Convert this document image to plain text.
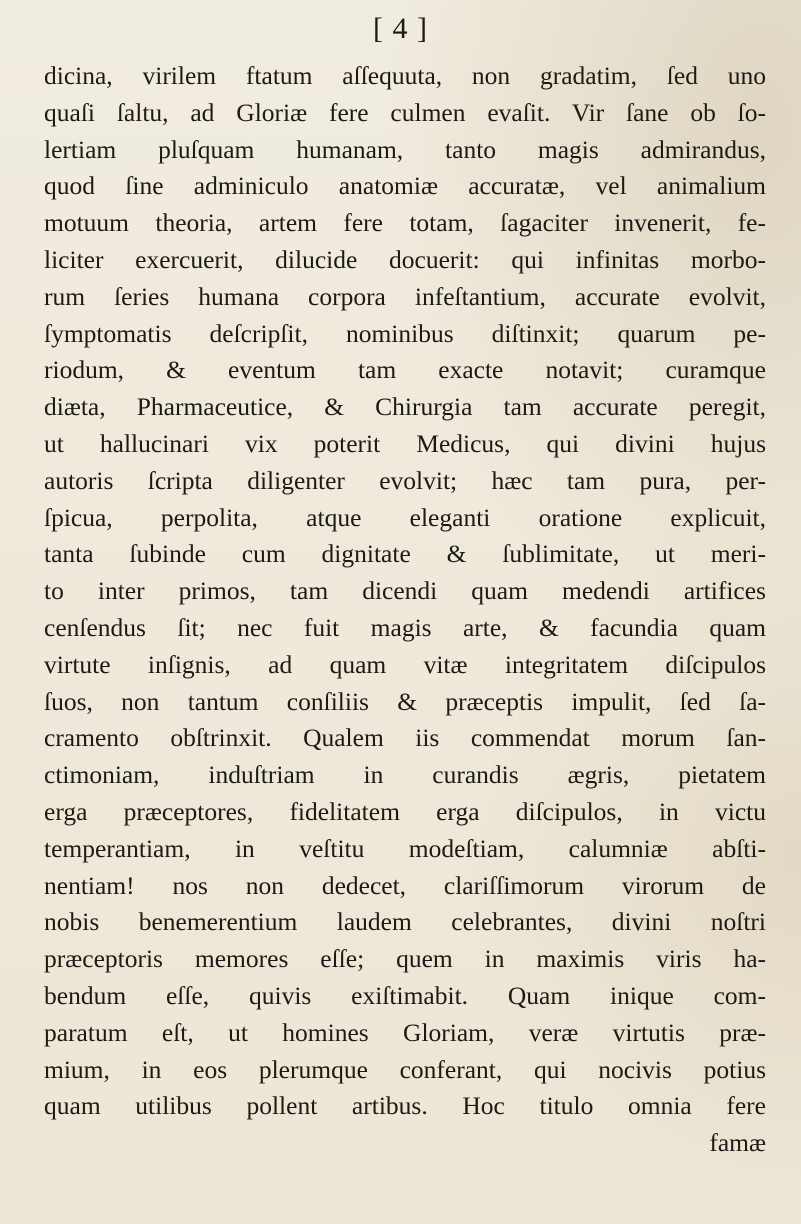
[ 4 ]
dicina, virilem ftatum aſſequuta, non gradatim, ſed uno
quaſi ſaltu, ad Gloriæ fere culmen evaſit. Vir ſane ob ſo-
lertiam pluſquam humanam, tanto magis admirandus,
quod ſine adminiculo anatomiæ accuratæ, vel animalium
motuum theoria, artem fere totam, ſagaciter invenerit, fe-
liciter exercuerit, dilucide docuerit: qui infinitas morbo-
rum ſeries humana corpora infeſtantium, accurate evolvit,
ſymptomatis deſcripſit, nominibus diſtinxit; quarum pe-
riodum, & eventum tam exacte notavit; curamque
diæta, Pharmaceutice, & Chirurgia tam accurate peregit,
ut hallucinari vix poterit Medicus, qui divini hujus
autoris ſcripta diligenter evolvit; hæc tam pura, per-
ſpicua, perpolita, atque eleganti oratione explicuit,
tanta ſubinde cum dignitate & ſublimitate, ut meri-
to inter primos, tam dicendi quam medendi artifices
cenſendus ſit; nec fuit magis arte, & facundia quam
virtute inſignis, ad quam vitæ integritatem diſcipulos
ſuos, non tantum conſiliis & præceptis impulit, ſed ſa-
cramento obſtrinxit. Qualem iis commendat morum ſan-
ctimoniam, induſtriam in curandis ægris, pietatem
erga præceptores, fidelitatem erga diſcipulos, in victu
temperantiam, in veſtitu modeſtiam, calumniæ abſti-
nentiam! nos non dedecet, clariſſimorum virorum de
nobis benemerentium laudem celebrantes, divini noſtri
præceptoris memores eſſe; quem in maximis viris ha-
bendum eſſe, quivis exiſtimabit. Quam inique com-
paratum eſt, ut homines Gloriam, veræ virtutis præ-
mium, in eos plerumque conferant, qui nocivis potius
quam utilibus pollent artibus. Hoc titulo omnia fere
famæ
